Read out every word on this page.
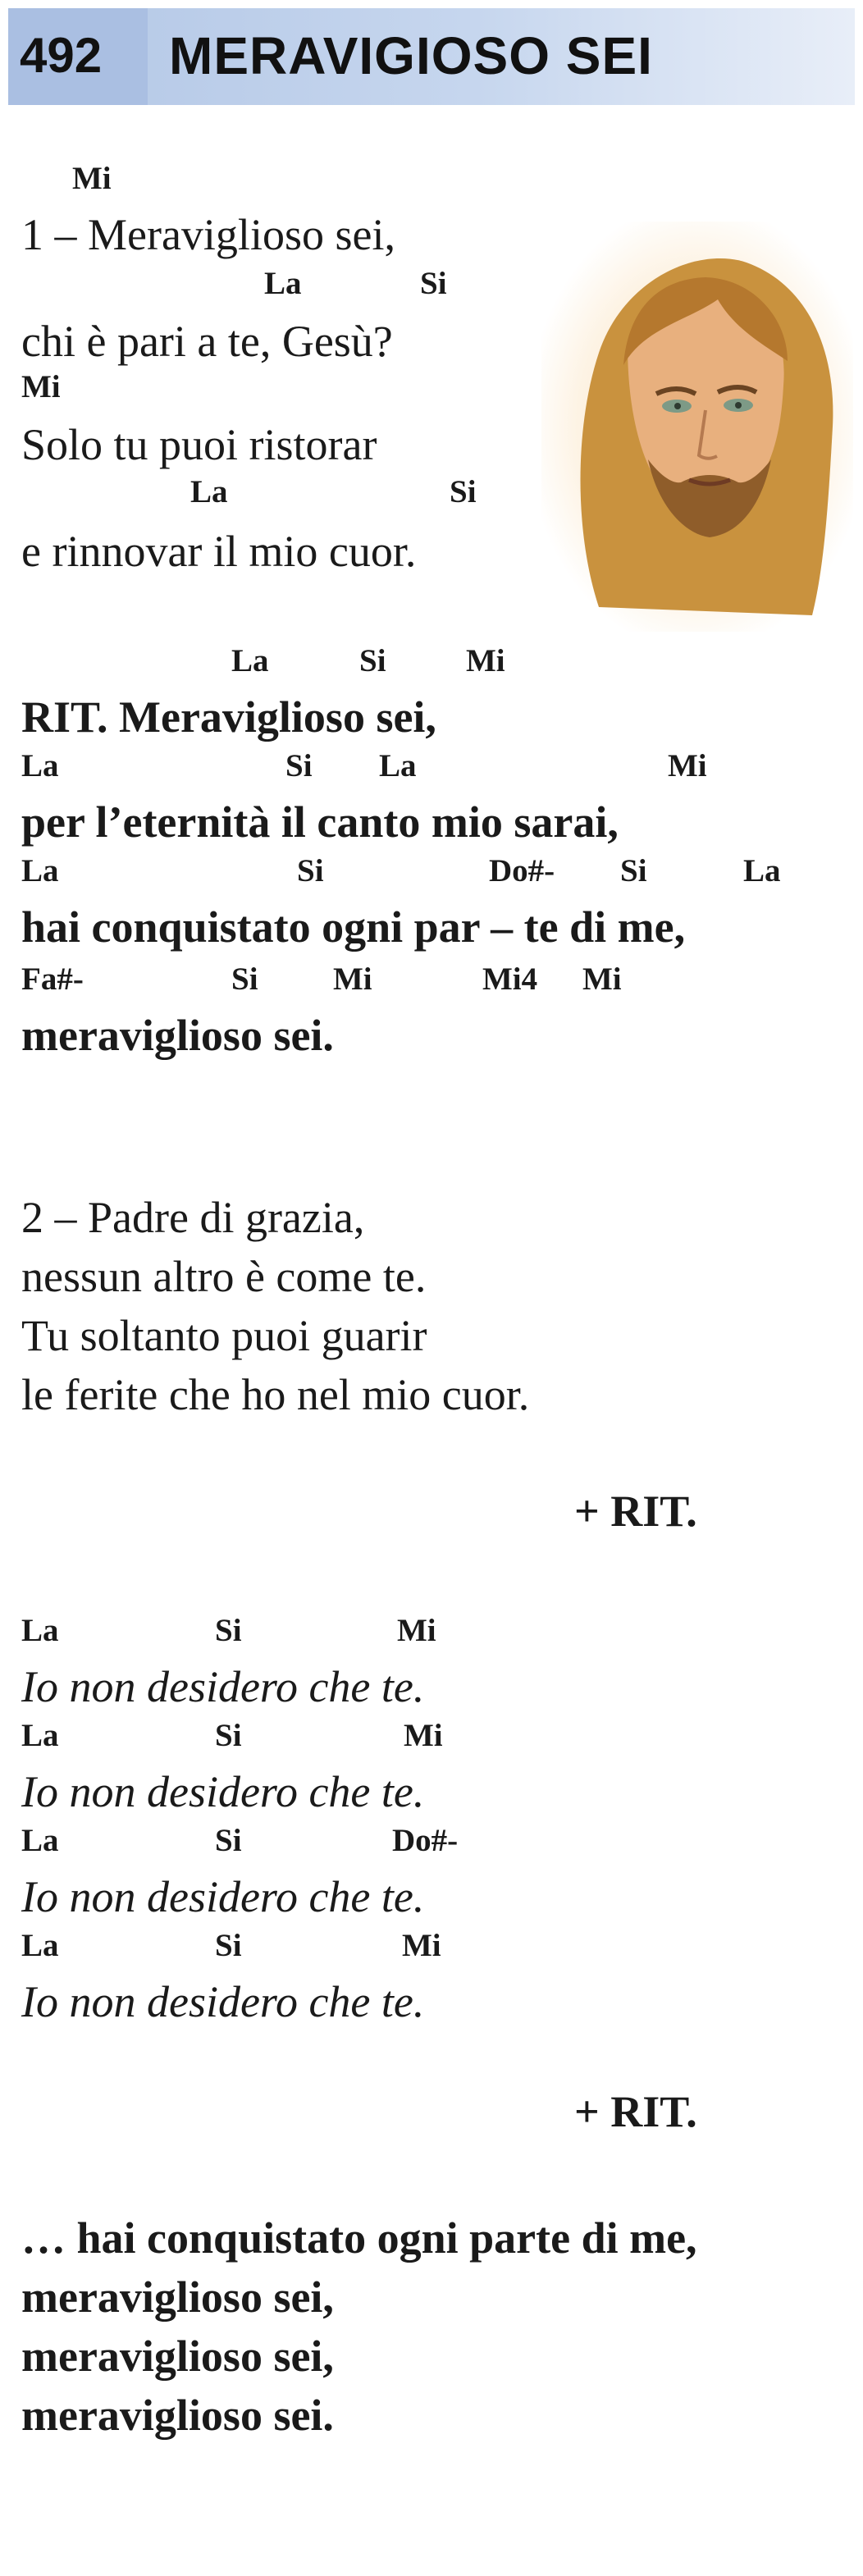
492 MERAVIGIOSO SEI
Mi
1 – Meraviglioso sei,
La	Si
chi è pari a te, Gesù?
Mi
Solo tu puoi ristorar
La	Si
e rinnovar il mio cuor.
La	Si Mi
RIT. Meraviglioso sei,
La	Si La	Mi
per l’eternità il canto mio sarai,
La	Si	Do#- Si	La
hai conquistato ogni par – te di me,
Fa#-	Si Mi	Mi4 Mi
meraviglioso sei.
2 – Padre di grazia,
nessun altro è come te.
Tu soltanto puoi guarir
le ferite che ho nel mio cuor.
+ RIT.
La	Si	Mi
Io non desidero che te.
La	Si	Mi
Io non desidero che te.
La	Si	Do#-
Io non desidero che te.
La	Si	Mi
Io non desidero che te.
+ RIT.
… hai conquistato ogni parte di me,
meraviglioso sei,
meraviglioso sei,
meraviglioso sei.
